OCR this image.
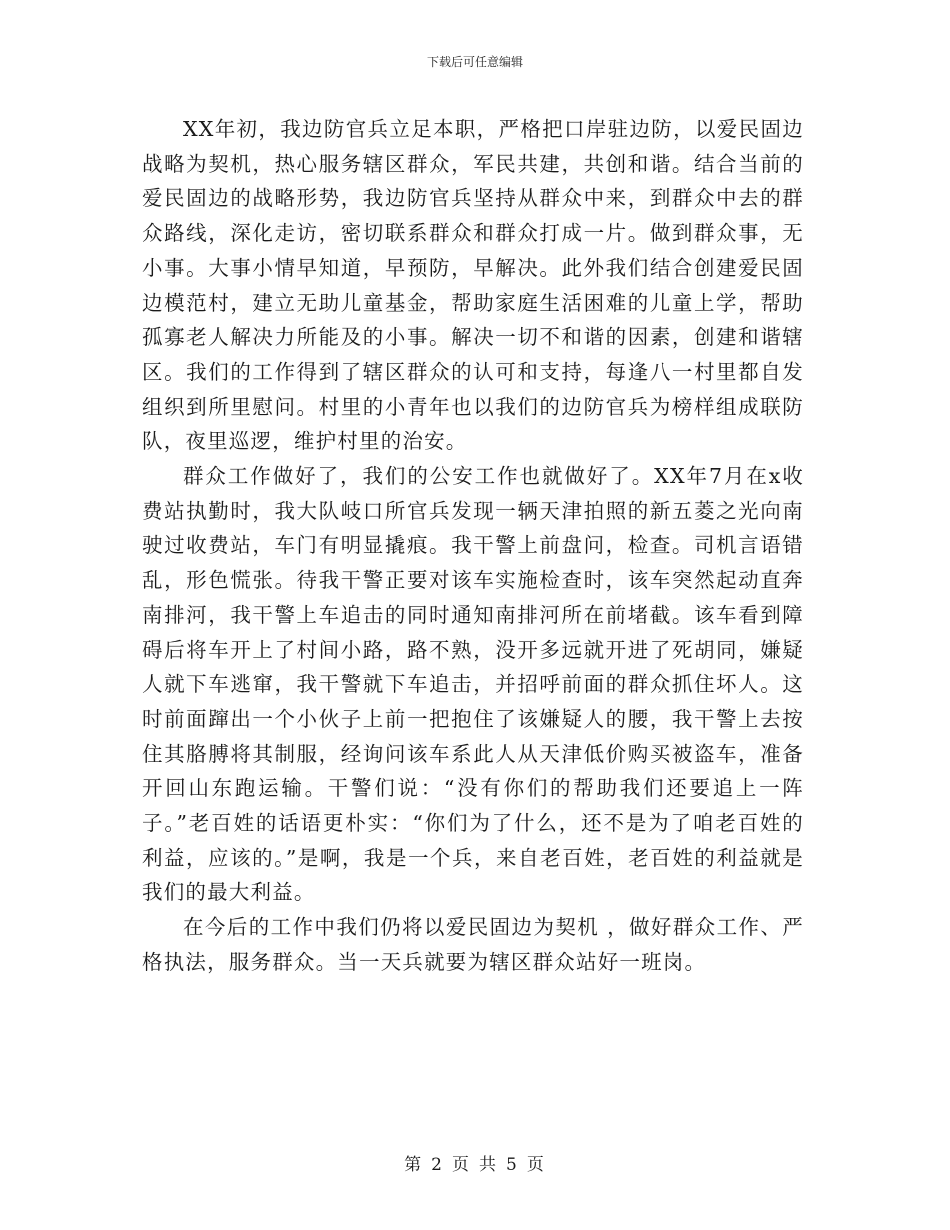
下载后可任意编辑

XX年初，我边防官兵立足本职，严格把口岸驻边防，以爱民固边战略为契机，热心服务辖区群众，军民共建，共创和谐。结合当前的爱民固边的战略形势，我边防官兵坚持从群众中来，到群众中去的群众路线，深化走访，密切联系群众和群众打成一片。做到群众事，无小事。大事小情早知道，早预防，早解决。此外我们结合创建爱民固边模范村，建立无助儿童基金，帮助家庭生活困难的儿童上学，帮助孤寡老人解决力所能及的小事。解决一切不和谐的因素，创建和谐辖区。我们的工作得到了辖区群众的认可和支持，每逢八一村里都自发组织到所里慰问。村里的小青年也以我们的边防官兵为榜样组成联防队，夜里巡逻，维护村里的治安。

群众工作做好了，我们的公安工作也就做好了。XX年7月在x收费站执勤时，我大队岐口所官兵发现一辆天津拍照的新五菱之光向南驶过收费站，车门有明显撬痕。我干警上前盘问，检查。司机言语错乱，形色慌张。待我干警正要对该车实施检查时，该车突然起动直奔南排河，我干警上车追击的同时通知南排河所在前堵截。该车看到障碍后将车开上了村间小路，路不熟，没开多远就开进了死胡同，嫌疑人就下车逃窜，我干警就下车追击，并招呼前面的群众抓住坏人。这时前面蹿出一个小伙子上前一把抱住了该嫌疑人的腰，我干警上去按住其胳膊将其制服，经询问该车系此人从天津低价购买被盗车，准备开回山东跑运输。干警们说：“没有你们的帮助我们还要追上一阵子。”老百姓的话语更朴实：“你们为了什么，还不是为了咱老百姓的利益，应该的。”是啊，我是一个兵，来自老百姓，老百姓的利益就是我们的最大利益。

在今后的工作中我们仍将以爱民固边为契机 ，做好群众工作、严格执法，服务群众。当一天兵就要为辖区群众站好一班岗。

第 2 页 共 5 页
